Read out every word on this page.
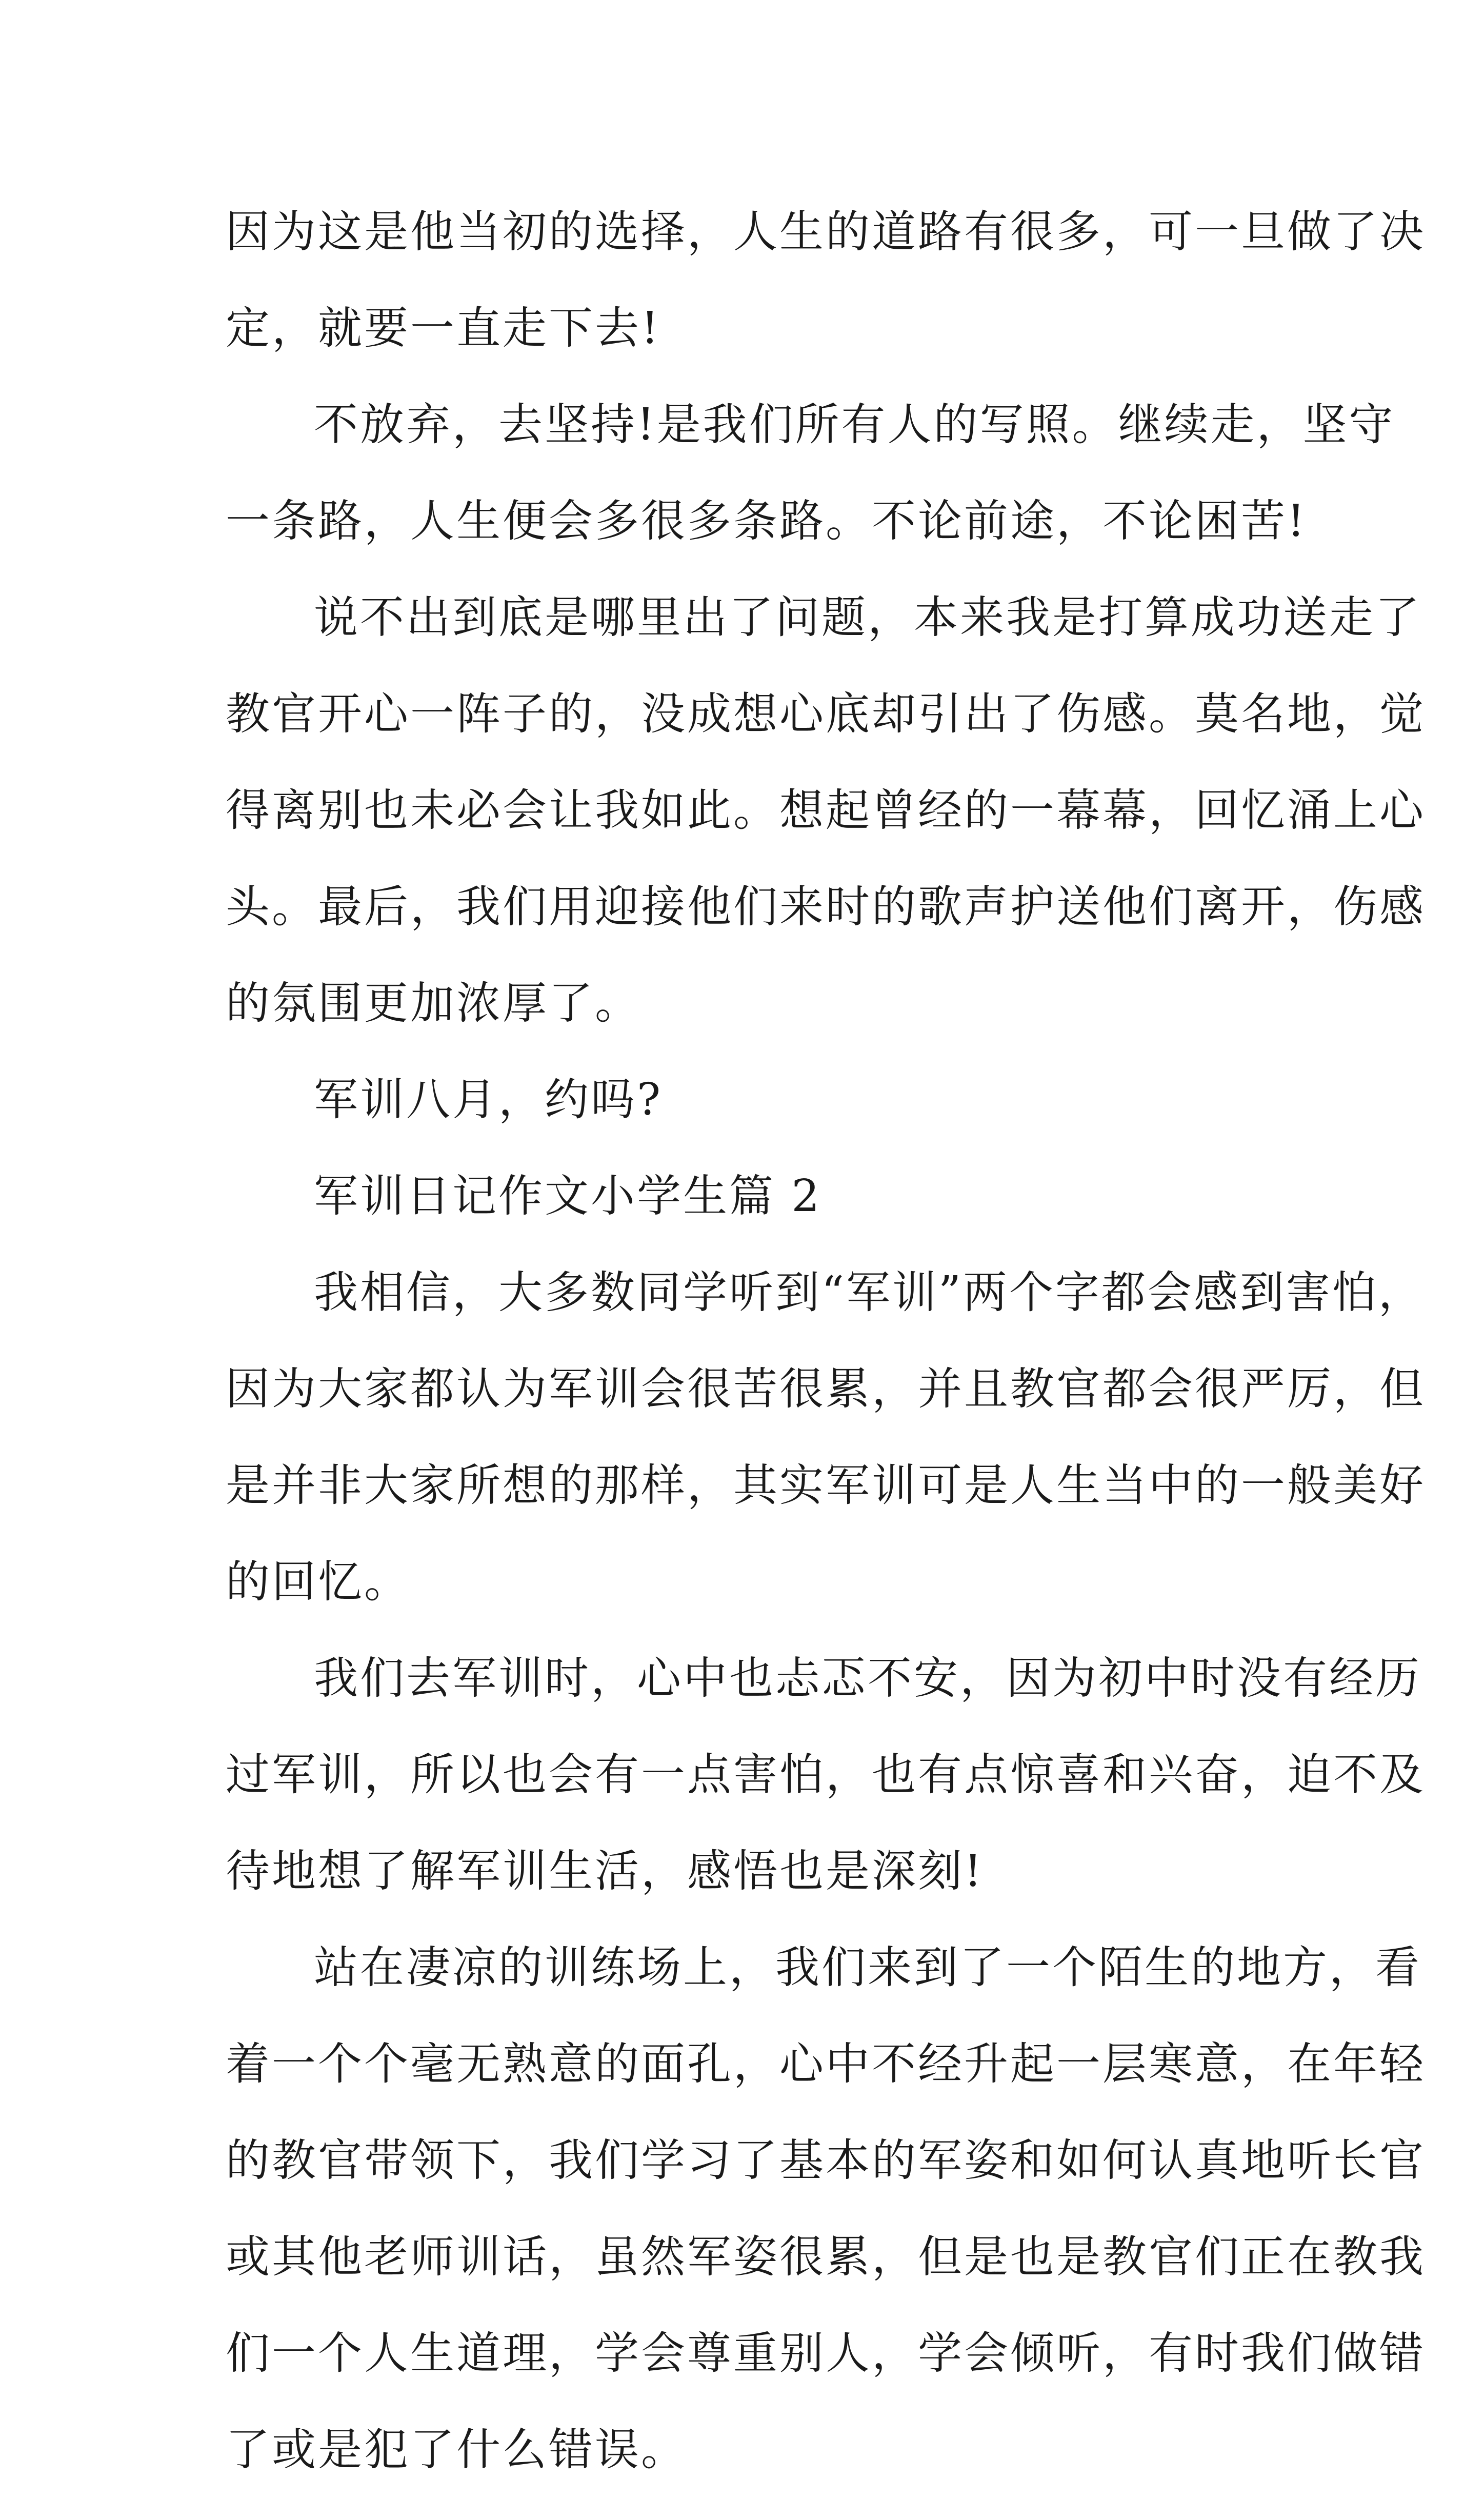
因为这是他当初的选择，人生的道路有很多，可一旦做了决
定，就要一直走下去!
不放弃，去坚持!是我们所有人的写照。继续走，坚守
一条路，人生便会多很多条路。不论前途，不论困苦!
说不出到底是哪里出了问题，本来我是打算成功送走了
教官开心一阵子的，没成想心底却引出了伤感。莫名地，觉
得离别也未必会让我如此。想起曾经的一幕幕，回忆涌上心
头。最后，我们用迎接他们来时的歌声护送他们离开，伤感
的氛围更加浓厚了。
军训八月，约吗?
军训日记作文小学生篇 2
我相信，大多数同学听到“军训”两个字都会感到害怕，
因为大家都认为军训会很苦很累，并且教官都会很严厉，但
是并非大家所想的那样，其实军训可是人生当中的一般美好
的回忆。
我们去军训时，心中也忐忑不安，因为初中时没有经历
过军训，所以也会有一点害怕，也有点惊喜和兴奋，迫不及
待地想了解军训生活，感悟也是深刻!
站在凄凉的训练场上，我们来到了一个陌生的地方，看
着一个个毫无熟意的面孔，心中不经升起一层寒意，在年轻
的教官带领下，我们学习了基本的军姿和如何认真地听长官
或其他老师训话，虽然军姿很累，但是也是教官们正在教我
们一个人生道理，学会尊重别人，学会倾听，有时我们做错
了或是犯了什么错误。
